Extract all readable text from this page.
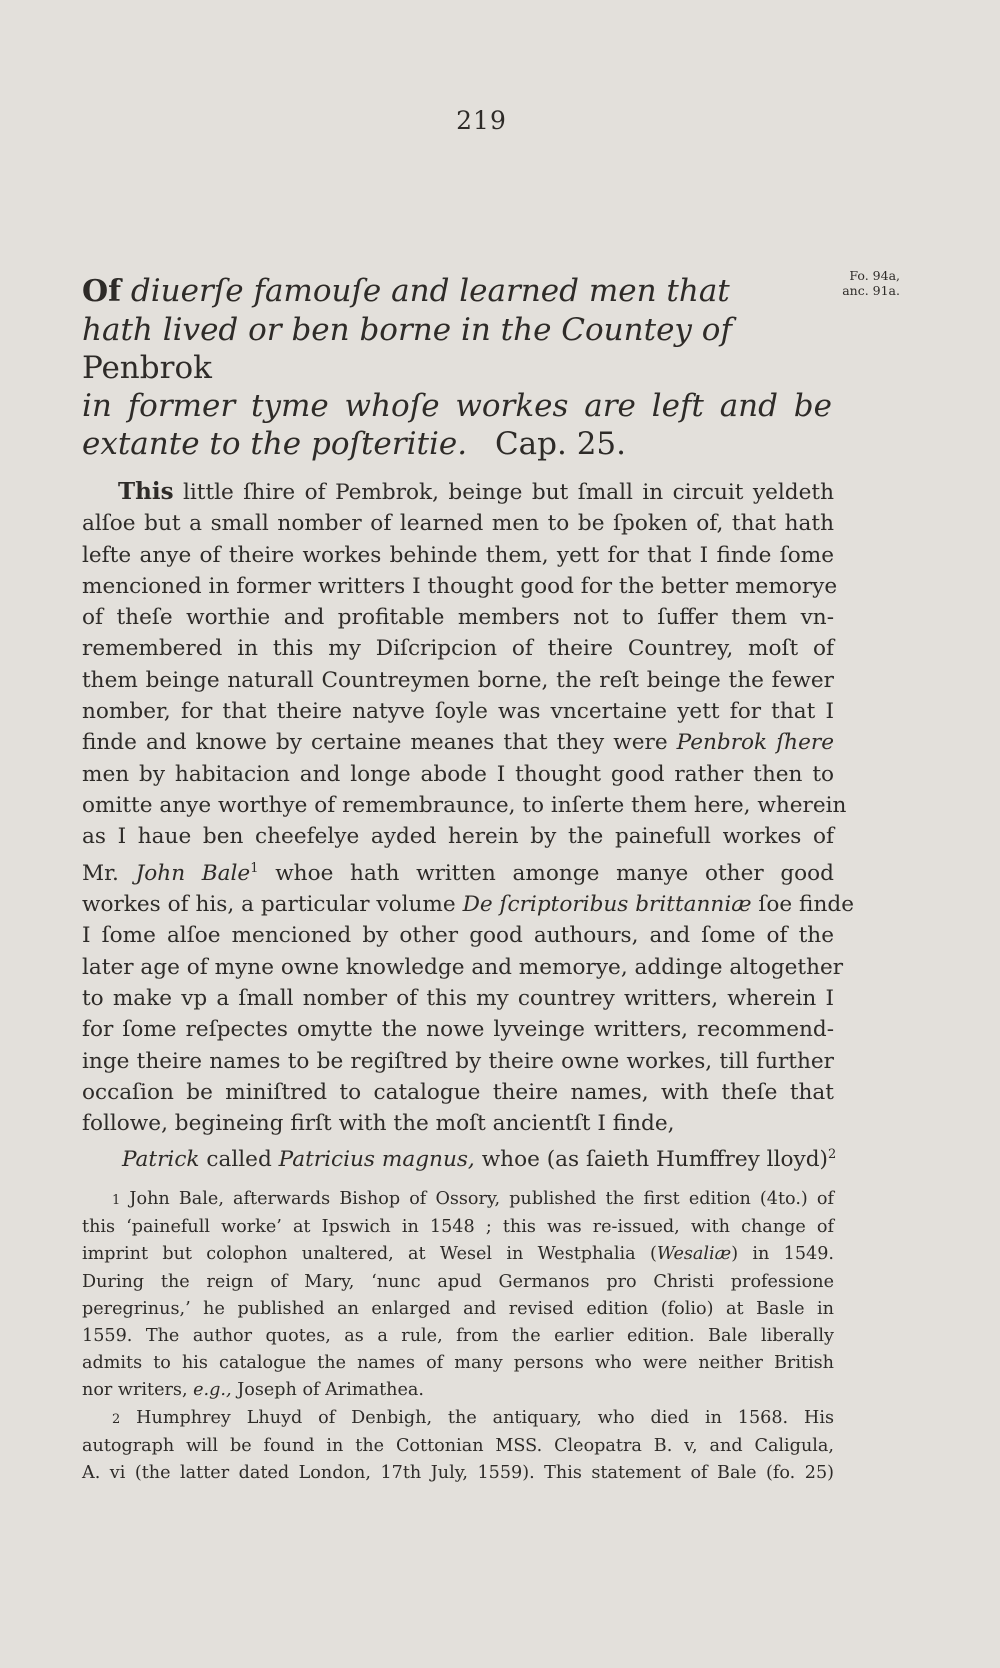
219
Fo. 94a,
anc. 91a.
Of diuerſe famouſe and learned men that
hath lived or ben borne in the Countey of Penbrok
in former tyme whoſe workes are left and be
extante to the poſteritie. Cap. 25.
This little ſhire of Pembrok, beinge but ſmall in circuit yeldeth
alſoe but a small nomber of learned men to be ſpoken of, that hath
lefte anye of theire workes behinde them, yett for that I finde ſome
mencioned in former writters I thought good for the better memorye
of theſe worthie and profitable members not to ſuffer them vn-
remembered in this my Diſcripcion of theire Countrey, moſt of
them beinge naturall Countreymen borne, the reſt beinge the fewer
nomber, for that theire natyve ſoyle was vncertaine yett for that I
finde and knowe by certaine meanes that they were Penbrok ſhere
men by habitacion and longe abode I thought good rather then to
omitte anye worthye of remembraunce, to inſerte them here, wherein
as I haue ben cheefelye ayded herein by the painefull workes of
Mr. John Bale$^1$ whoe hath written amonge manye other good
workes of his, a particular volume De ſcriptoribus brittanniæ ſoe finde
I ſome alſoe mencioned by other good authours, and ſome of the
later age of myne owne knowledge and memorye, addinge altogether
to make vp a ſmall nomber of this my countrey writters, wherein I
for ſome reſpectes omytte the nowe lyveinge writters, recommend-
inge theire names to be regiſtred by theire owne workes, till further
occaſion be miniſtred to catalogue theire names, with theſe that
followe, begineing firſt with the moſt ancientſt I finde,
Patrick called Patricius magnus, whoe (as ſaieth Humffrey lloyd)$^2$
1 John Bale, afterwards Bishop of Ossory, published the first edition (4to.) of
this ‘painefull worke’ at Ipswich in 1548 ; this was re-issued, with change of
imprint but colophon unaltered, at Wesel in Westphalia (Wesaliæ) in 1549.
During the reign of Mary, ‘nunc apud Germanos pro Christi professione
peregrinus,’ he published an enlarged and revised edition (folio) at Basle in
1559. The author quotes, as a rule, from the earlier edition. Bale liberally
admits to his catalogue the names of many persons who were neither British
nor writers, e.g., Joseph of Arimathea.
2 Humphrey Lhuyd of Denbigh, the antiquary, who died in 1568. His
autograph will be found in the Cottonian MSS. Cleopatra B. v, and Caligula,
A. vi (the latter dated London, 17th July, 1559). This statement of Bale (fo. 25)
